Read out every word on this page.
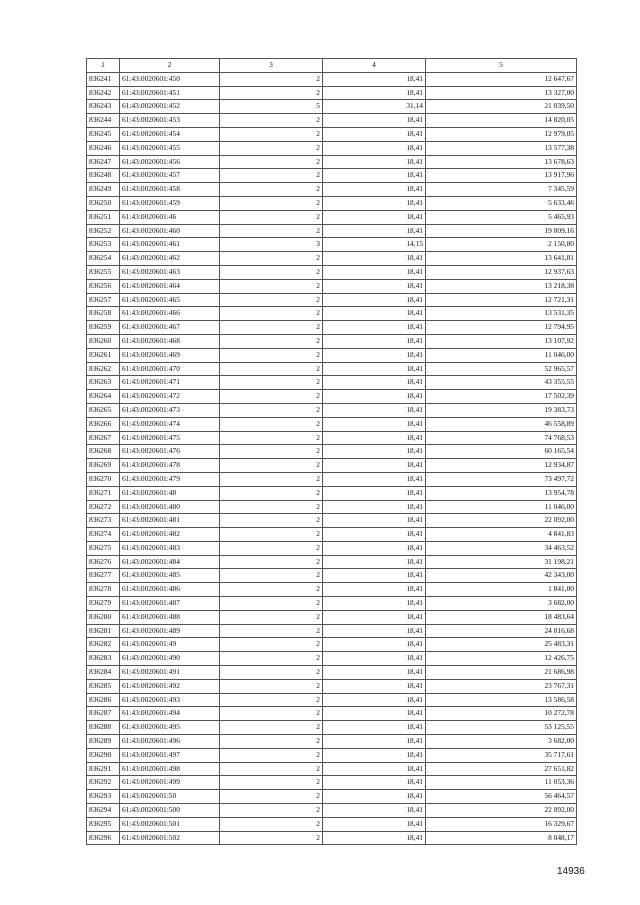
1	2	3	4	5
836241	61:43:0020601:450	2	18,41	12 647,67
836242	61:43:0020601:451	2	18,41	13 327,00
836243	61:43:0020601:452	5	31,14	21 039,50
836244	61:43:0020601:453	2	18,41	14 820,05
836245	61:43:0020601:454	2	18,41	12 979,05
836246	61:43:0020601:455	2	18,41	13 577,38
836247	61:43:0020601:456	2	18,41	13 678,63
836248	61:43:0020601:457	2	18,41	13 917,96
836249	61:43:0020601:458	2	18,41	7 345,59
836250	61:43:0020601:459	2	18,41	5 633,46
836251	61:43:0020601:46	2	18,41	5 465,93
836252	61:43:0020601:460	2	18,41	19 809,16
836253	61:43:0020601:461	3	14,15	2 150,80
836254	61:43:0020601:462	2	18,41	13 641,81
836255	61:43:0020601:463	2	18,41	12 937,63
836256	61:43:0020601:464	2	18,41	13 218,38
836257	61:43:0020601:465	2	18,41	12 721,31
836258	61:43:0020601:466	2	18,41	13 531,35
836259	61:43:0020601:467	2	18,41	12 794,95
836260	61:43:0020601:468	2	18,41	13 107,92
836261	61:43:0020601:469	2	18,41	11 046,00
836262	61:43:0020601:470	2	18,41	52 965,57
836263	61:43:0020601:471	2	18,41	43 355,55
836264	61:43:0020601:472	2	18,41	17 502,39
836265	61:43:0020601:473	2	18,41	19 383,73
836266	61:43:0020601:474	2	18,41	46 558,89
836267	61:43:0020601:475	2	18,41	74 768,53
836268	61:43:0020601:476	2	18,41	60 165,54
836269	61:43:0020601:478	2	18,41	12 934,87
836270	61:43:0020601:479	2	18,41	73 497,72
836271	61:43:0020601:48	2	18,41	13 954,78
836272	61:43:0020601:480	2	18,41	11 046,00
836273	61:43:0020601:481	2	18,41	22 092,00
836274	61:43:0020601:482	2	18,41	4 841,83
836275	61:43:0020601:483	2	18,41	34 463,52
836276	61:43:0020601:484	2	18,41	31 198,21
836277	61:43:0020601:485	2	18,41	42 343,00
836278	61:43:0020601:486	2	18,41	1 841,00
836279	61:43:0020601:487	2	18,41	3 682,00
836280	61:43:0020601:488	2	18,41	18 483,64
836281	61:43:0020601:489	2	18,41	24 816,68
836282	61:43:0020601:49	2	18,41	25 483,31
836283	61:43:0020601:490	2	18,41	12 426,75
836284	61:43:0020601:491	2	18,41	21 686,98
836285	61:43:0020601:492	2	18,41	23 767,31
836286	61:43:0020601:493	2	18,41	13 586,58
836287	61:43:0020601:494	2	18,41	10 272,78
836288	61:43:0020601:495	2	18,41	53 125,55
836289	61:43:0020601:496	2	18,41	3 682,00
836290	61:43:0020601:497	2	18,41	35 717,61
836291	61:43:0020601:498	2	18,41	27 651,82
836292	61:43:0020601:499	2	18,41	11 053,36
836293	61:43:0020601:50	2	18,41	56 464,57
836294	61:43:0020601:500	2	18,41	22 092,00
836295	61:43:0020601:501	2	18,41	16 329,67
836296	61:43:0020601:502	2	18,41	8 048,17
14936
